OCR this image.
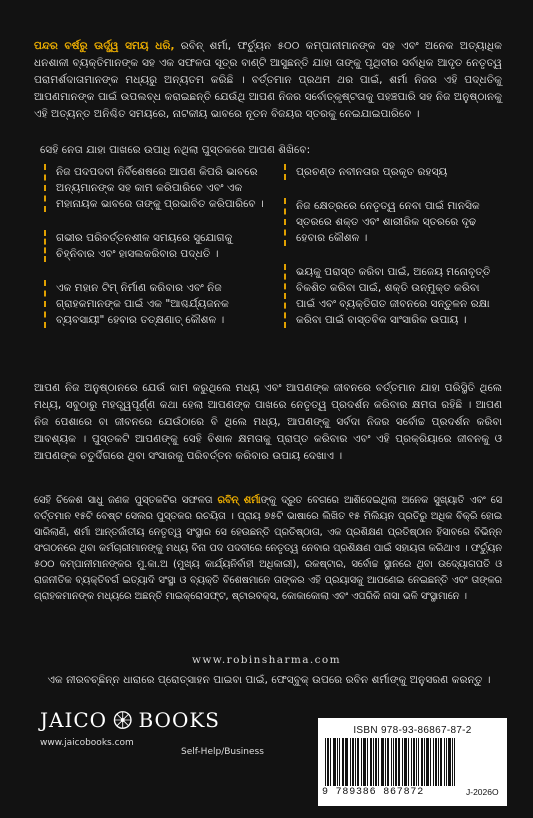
ପନ୍ଦର ବର୍ଷରୁ ଊର୍ଦ୍ଧ୍ୱ ସମୟ ଧରି, ରବିନ୍ ଶର୍ମା, ଫର୍ଚ୍ୟୁନ ୫୦୦ କମ୍ପାନୀମାନଙ୍କ ସହ ଏବଂ ଅନେକ ଅତ୍ୟାଧିକ ଧନଶାଳୀ ବ୍ୟକ୍ତିମାନଙ୍କ ସହ ଏକ ସଫଳତା ସୂତ୍ର ବାଣ୍ଟି ଆସୁଛନ୍ତି ଯାହା ତାଙ୍କୁ ପୃଥିବୀର ସର୍ବାଧିକ ଆଦୃତ ନେତୃତ୍ୱ ପରାମର୍ଶଦାତାମାନଙ୍କ ମଧ୍ୟରୁ ଅନ୍ୟତମ କରିଛି । ବର୍ତ୍ତମାନ ପ୍ରଥମ ଥର ପାଇଁ, ଶର୍ମା ନିଜର ଏହି ପଦ୍ଧତିକୁ ଆପଣମାନଙ୍କ ପାଇଁ ଉପଲବ୍ଧ କରାଇଛନ୍ତି ଯେଉଁଥି ଆପଣ ନିଜର ସର୍ବୋତ୍କୃଷ୍ଟତାକୁ ପହଞ୍ଚପାରି ସହ ନିଜ ଅନୁଷ୍ଠାନକୁ ଏହି ଅତ୍ୟନ୍ତ ଅନିଶ୍ଚିତ ସମୟରେ, ନାଟକୀୟ ଭାବରେ ନୂତନ ବିଜୟର ସ୍ତରକୁ ନେଇଯାଇପାରିବେ ।

ସେହି ନେତା ଯାହା ପାଖରେ ଉପାଧି ନଥିଲା ପୁସ୍ତକରେ ଆପଣ ଶିଖିବେ:
ନିଜ ପଦପଦବୀ ନିର୍ବିଶେଷରେ ଆପଣ କିପରି ଭାବରେ ଅନ୍ୟମାନଙ୍କ ସହ କାମ କରିପାରିବେ ଏବଂ ଏକ ମହାନାୟକ ଭାବରେ ତାଙ୍କୁ ପ୍ରଭାବିତ କରିପାରିବେ ।
ଗଭୀର ପରିବର୍ତ୍ତନଶୀଳ ସମୟରେ ସୁଯୋଗକୁ ଚିହ୍ନିବାର ଏବଂ ହାସଲକରିବାର ପଦ୍ଧତି ।
ଏକ ମହାନ ଟିମ୍ ନିର୍ମାଣ କରିବାର ଏବଂ ନିଜ ଗ୍ରାହକମାନଙ୍କ ପାଇଁ ଏକ "ଆଶ୍ଚର୍ଯ୍ୟଜନକ ବ୍ୟବସାୟୀ" ହେବାର ତତ୍‌କ୍ଷଣାତ୍ କୌଶଳ ।
ପ୍ରଚଣ୍ଡ ନବୀନତାର ପ୍ରକୃତ ରହସ୍ୟ
ନିଜ କ୍ଷେତ୍ରରେ ନେତୃତ୍ୱ ନେବା ପାଇଁ ମାନସିକ ସ୍ତରରେ ଶକ୍ତ ଏବଂ ଶାରୀରିକ ସ୍ତରରେ ଦୃଢ ହେବାର କୌଶଳ ।
ଭୟକୁ ପରାସ୍ତ କରିବା ପାଇଁ, ଅଜେୟ ମନୋବୃତ୍ତି ବିକଶିତ କରିବା ପାଇଁ, ଶକ୍ତି ଉନ୍ମୁକ୍ତ କରିବା ପାଇଁ ଏବଂ ବ୍ୟକ୍ତିଗତ ଜୀବନରେ ସନ୍ତୁଳନ ରକ୍ଷା କରିବା ପାଇଁ ବାସ୍ତବିକ ସାଂସାରିକ ଉପାୟ ।

ଆପଣ ନିଜ ଅନୁଷ୍ଠାନରେ ଯେଉଁ କାମ କରୁଥିଲେ ମଧ୍ୟ ଏବଂ ଆପଣଙ୍କ ଜୀବନରେ ବର୍ତ୍ତମାନ ଯାହା ପରିସ୍ଥିତି ଥିଲେ ମଧ୍ୟ, ସବୁଠାରୁ ମହତ୍ତ୍ୱପୂର୍ଣ୍ଣ କଥା ହେଲା ଆପଣଙ୍କ ପାଖରେ ନେତୃତ୍ୱ ପ୍ରଦର୍ଶନ କରିବାର କ୍ଷମତା ରହିଛି । ଆପଣ ନିଜ ପେଶାରେ ବା ଜୀବନରେ ଯେଉଁଠାରେ ବି ଥିଲେ ମଧ୍ୟ, ଆପଣଙ୍କୁ ସର୍ବଦା ନିଜର ସର୍ବୋଚ୍ଚ ପ୍ରଦର୍ଶନ କରିବା ଆବଶ୍ୟକ । ପୁସ୍ତକଟି ଆପଣଙ୍କୁ ସେହି ବିଶାଳ କ୍ଷମତାକୁ ପ୍ରାପ୍ତ କରିବାର ଏବଂ ଏହି ପ୍ରକ୍ରିୟାରେ ଜୀବନକୁ ଓ ଆପଣଙ୍କ ଚତୁର୍ଦିଗରେ ଥିବା ସଂସାରକୁ ପରିବର୍ତ୍ତନ କରିବାର ଉପାୟ ଦେଖାଏ ।

ସେହି ଚିକେଶ ସାଧୁ ଜଣକ ପୁସ୍ତକଟିର ସଫଳତା ରବିନ୍ ଶର୍ମାଙ୍କୁ ଦ୍ରୁତ ବେଗରେ ଆଶିଦେଇଥିଲା ଅନେକ ସୁଖ୍ୟାତି ଏବଂ ସେ ବର୍ତ୍ତମାନ ୧୫ଟି ବେଷ୍ଟ ସେଲର ପୁସ୍ତକର ରଚୟିତା । ପ୍ରାୟ ୭୫ଟି ଭାଷାରେ ଲିଖିତ ୧୫ ମିଲିୟନ ପ୍ରତିରୁ ଅଧିକ ବିକ୍ରି ହୋଇ ସାରିଲାଣି, ଶର୍ମା ଆନ୍ତର୍ଜାତୀୟ ନେତୃତ୍ୱ ସଂସ୍ଥାର ସେ ହେଉଛନ୍ତି ପ୍ରତିଷ୍ଠାତା, ଏକ ପ୍ରଶିକ୍ଷଣ ପ୍ରତିଷ୍ଠାନ ହିସାବରେ ବିଭିନ୍ନ ସଂଗଠନରେ ଥିବା କର୍ମଚାରୀମାନଙ୍କୁ ମଧ୍ୟ ବିନା ପଦ ପଦବୀରେ ନେତୃତ୍ୱ ନେବାର ପ୍ରଶିକ୍ଷଣ ପାଇଁ ସହାୟତା କରିଥାଏ । ଫର୍ଚ୍ୟୁନ ୫୦୦ କମ୍ପାନୀମାନଙ୍କର ମୁ.କା.ଅ (ମୁଖ୍ୟ କାର୍ଯ୍ୟନିର୍ବାହୀ ଅଧିକାରୀ), ରକଷ୍ଟାର, ସର୍ବୋଚ୍ଚ ସ୍ଥାନରେ ଥିବା ଉଦ୍ୟୋଗପତି ଓ ରାଜନୀତିକ ବ୍ୟକ୍ତିବର୍ଗ ଇତ୍ୟାଦି ସଂସ୍ଥା ଓ ବ୍ୟକ୍ତି ବିଶେଷମାନେ ତାଙ୍କର ଏହି ପ୍ରୟାସକୁ ଆପଣେଇ ନେଇଛନ୍ତି ଏବଂ ତାଙ୍କର ଗ୍ରାହକମାନଙ୍କ ମଧ୍ୟରେ ଅଛନ୍ତି ମାଇକ୍ରୋସଫ୍ଟ, ଷ୍ଟାରବକ୍ସ, କୋକାକୋଲା ଏବଂ ଏପରିକି ନାସା ଭଳି ସଂସ୍ଥାମାନେ ।

www.robinsharma.com
ଏକ ନୀରବଚ୍ଛିନ୍ନ ଧାରାରେ ପ୍ରୋତ୍ସାହନ ପାଇବା ପାଇଁ, ଫେସ୍‌ବୁକ୍ ଉପରେ ରବିନ ଶର୍ମାଙ୍କୁ ଅନୁସରଣ କରନ୍ତୁ ।
JAICO BOOKS
www.jaicobooks.com
Self-Help/Business
ISBN 978-93-86867-87-2
9 789386 867872	J-2026O
